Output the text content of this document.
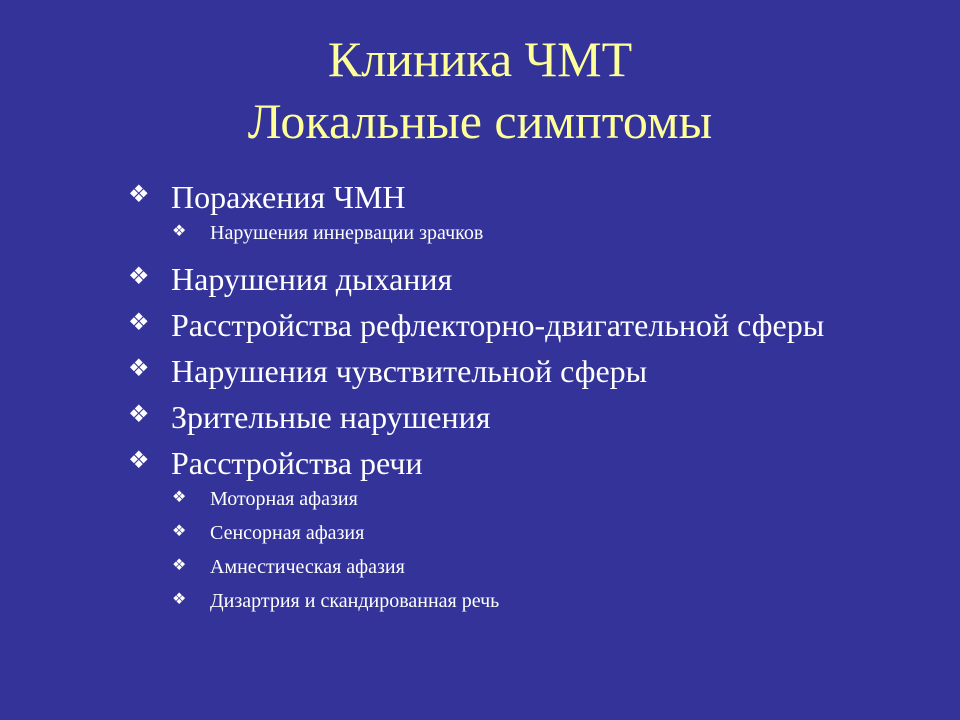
Клиника ЧМТ
Локальные симптомы
❖ Поражения ЧМН
❖ Нарушения иннервации зрачков
❖ Нарушения дыхания
❖ Расстройства рефлекторно-двигательной сферы
❖ Нарушения чувствительной сферы
❖ Зрительные нарушения
❖ Расстройства речи
❖ Моторная афазия
❖ Сенсорная афазия
❖ Амнестическая афазия
❖ Дизартрия и скандированная речь
